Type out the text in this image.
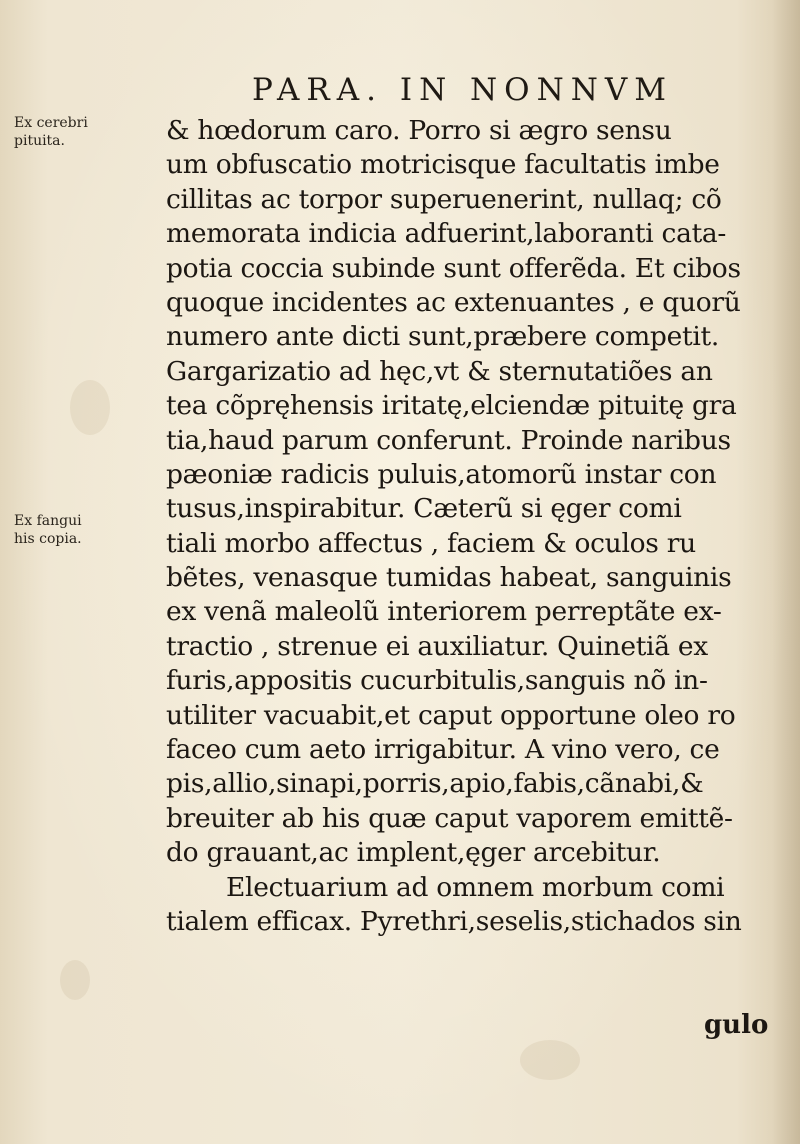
PARA. IN NONNVM
Ex cerebri
pituita.
Ex fangui
his copia.
& hœdorum caro. Porro si ægro sensu
um obfuscatio motricisque facultatis imbe
cillitas ac torpor superuenerint, nullaq; cõ
memorata indicia adfuerint,laboranti cata-
potia coccia subinde sunt offerẽda. Et cibos
quoque incidentes ac extenuantes , e quorũ
numero ante dicti sunt,præbere competit.
Gargarizatio ad hęc,vt & sternutatiões an
tea cõpręhensis iritatę,elciendæ pituitę gra
tia,haud parum conferunt. Proinde naribus
pæoniæ radicis puluis,atomorũ instar con
tusus,inspirabitur. Cæterũ si ęger comi
tiali morbo affectus , faciem & oculos ru
bẽtes, venasque tumidas habeat, sanguinis
ex venã maleolũ interiorem perreptãte ex-
tractio , strenue ei auxiliatur. Quinetiã ex
furis,appositis cucurbitulis,sanguis nõ in-
utiliter vacuabit,et caput opportune oleo ro
faceo cum aeto irrigabitur. A vino vero, ce
pis,allio,sinapi,porris,apio,fabis,cãnabi,&
breuiter ab his quæ caput vaporem emittẽ-
do grauant,ac implent,ęger arcebitur.
Electuarium ad omnem morbum comi
tialem efficax. Pyrethri,seselis,stichados sin
gulo
